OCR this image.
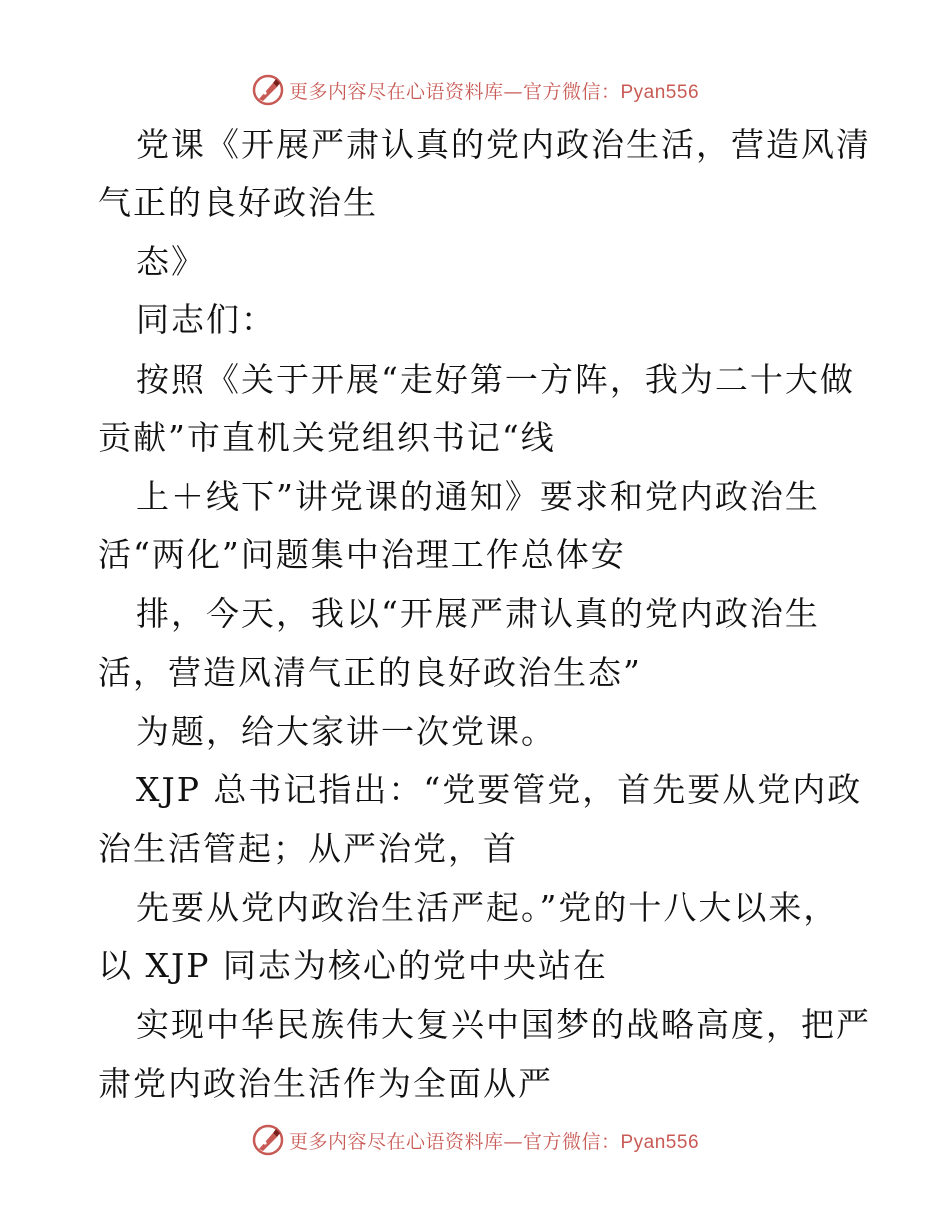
更多内容尽在心语资料库—官方微信：Pyan556
党课《开展严肃认真的党内政治生活，营造风清
气正的良好政治生
态》
同志们：
按照《关于开展“走好第一方阵，我为二十大做
贡献”市直机关党组织书记“线
上＋线下”讲党课的通知》要求和党内政治生
活“两化”问题集中治理工作总体安
排，今天，我以“开展严肃认真的党内政治生
活，营造风清气正的良好政治生态”
为题，给大家讲一次党课。
XJP 总书记指出：“党要管党，首先要从党内政
治生活管起；从严治党，首
先要从党内政治生活严起。”党的十八大以来，
以 XJP 同志为核心的党中央站在
实现中华民族伟大复兴中国梦的战略高度，把严
肃党内政治生活作为全面从严
更多内容尽在心语资料库—官方微信：Pyan556
